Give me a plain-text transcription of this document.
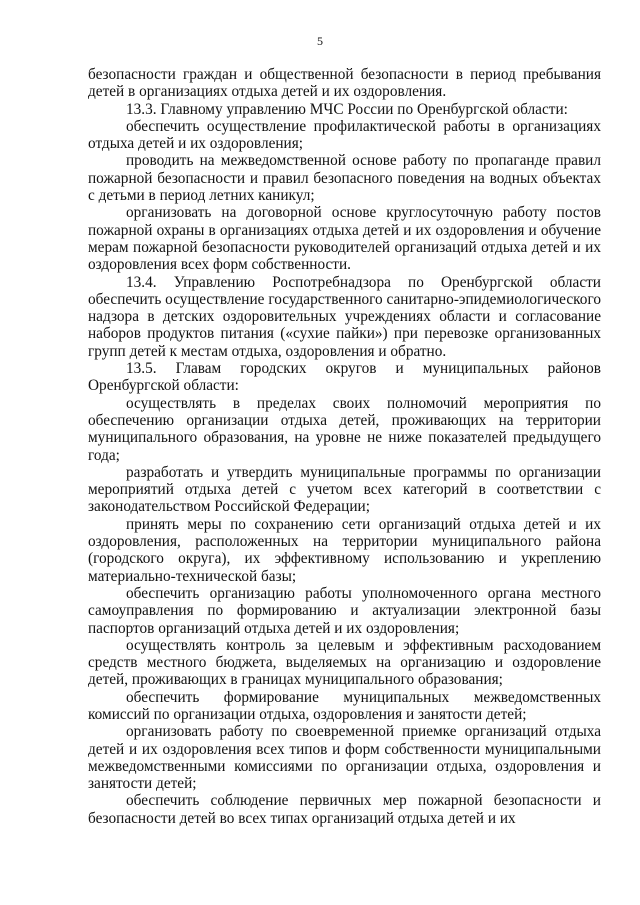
5

безопасности граждан и общественной безопасности в период пребывания детей в организациях отдыха детей и их оздоровления.

13.3. Главному управлению МЧС России по Оренбургской области:

обеспечить осуществление профилактической работы в организациях отдыха детей и их оздоровления;

проводить на межведомственной основе работу по пропаганде правил пожарной безопасности и правил безопасного поведения на водных объектах с детьми в период летних каникул;

организовать на договорной основе круглосуточную работу постов пожарной охраны в организациях отдыха детей и их оздоровления и обучение мерам пожарной безопасности руководителей организаций отдыха детей и их оздоровления всех форм собственности.

13.4. Управлению Роспотребнадзора по Оренбургской области обеспечить осуществление государственного санитарно-эпидемиологического надзора в детских оздоровительных учреждениях области и согласование наборов продуктов питания («сухие пайки») при перевозке организованных групп детей к местам отдыха, оздоровления и обратно.

13.5. Главам городских округов и муниципальных районов Оренбургской области:

осуществлять в пределах своих полномочий мероприятия по обеспечению организации отдыха детей, проживающих на территории муниципального образования, на уровне не ниже показателей предыдущего года;

разработать и утвердить муниципальные программы по организации мероприятий отдыха детей с учетом всех категорий в соответствии с законодательством Российской Федерации;

принять меры по сохранению сети организаций отдыха детей и их оздоровления, расположенных на территории муниципального района (городского округа), их эффективному использованию и укреплению материально-технической базы;

обеспечить организацию работы уполномоченного органа местного самоуправления по формированию и актуализации электронной базы паспортов организаций отдыха детей и их оздоровления;

осуществлять контроль за целевым и эффективным расходованием средств местного бюджета, выделяемых на организацию и оздоровление детей, проживающих в границах муниципального образования;

обеспечить формирование муниципальных межведомственных комиссий по организации отдыха, оздоровления и занятости детей;

организовать работу по своевременной приемке организаций отдыха детей и их оздоровления всех типов и форм собственности муниципальными межведомственными комиссиями по организации отдыха, оздоровления и занятости детей;

обеспечить соблюдение первичных мер пожарной безопасности и безопасности детей во всех типах организаций отдыха детей и их
